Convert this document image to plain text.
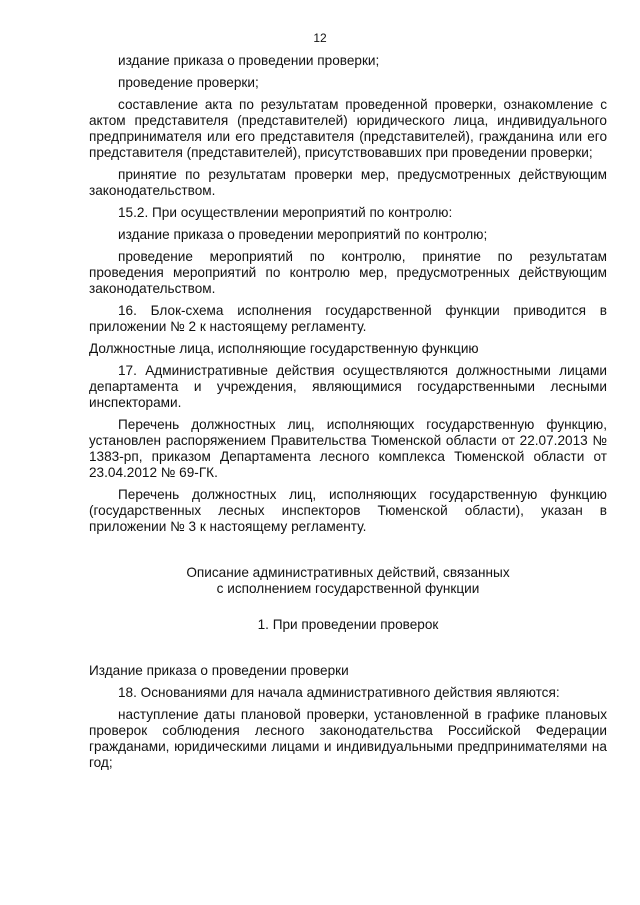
12

издание приказа о проведении проверки;

проведение проверки;

составление акта по результатам проведенной проверки, ознакомление с актом представителя (представителей) юридического лица, индивидуального предпринимателя или его представителя (представителей), гражданина или его представителя (представителей), присутствовавших при проведении проверки;

принятие по результатам проверки мер, предусмотренных действующим законодательством.

15.2. При осуществлении мероприятий по контролю:

издание приказа о проведении мероприятий по контролю;

проведение мероприятий по контролю, принятие по результатам проведения мероприятий по контролю мер, предусмотренных действующим законодательством.

16. Блок-схема исполнения государственной функции приводится в приложении № 2 к настоящему регламенту.

Должностные лица, исполняющие государственную функцию

17. Административные действия осуществляются должностными лицами департамента и учреждения, являющимися государственными лесными инспекторами.

Перечень должностных лиц, исполняющих государственную функцию, установлен распоряжением Правительства Тюменской области от 22.07.2013 № 1383-рп, приказом Департамента лесного комплекса Тюменской области от 23.04.2012 № 69-ГК.

Перечень должностных лиц, исполняющих государственную функцию (государственных лесных инспекторов Тюменской области), указан в приложении № 3 к настоящему регламенту.

Описание административных действий, связанных

с исполнением государственной функции

1. При проведении проверок

Издание приказа о проведении проверки

18. Основаниями для начала административного действия являются:

наступление даты плановой проверки, установленной в графике плановых проверок соблюдения лесного законодательства Российской Федерации гражданами, юридическими лицами и индивидуальными предпринимателями на год;
